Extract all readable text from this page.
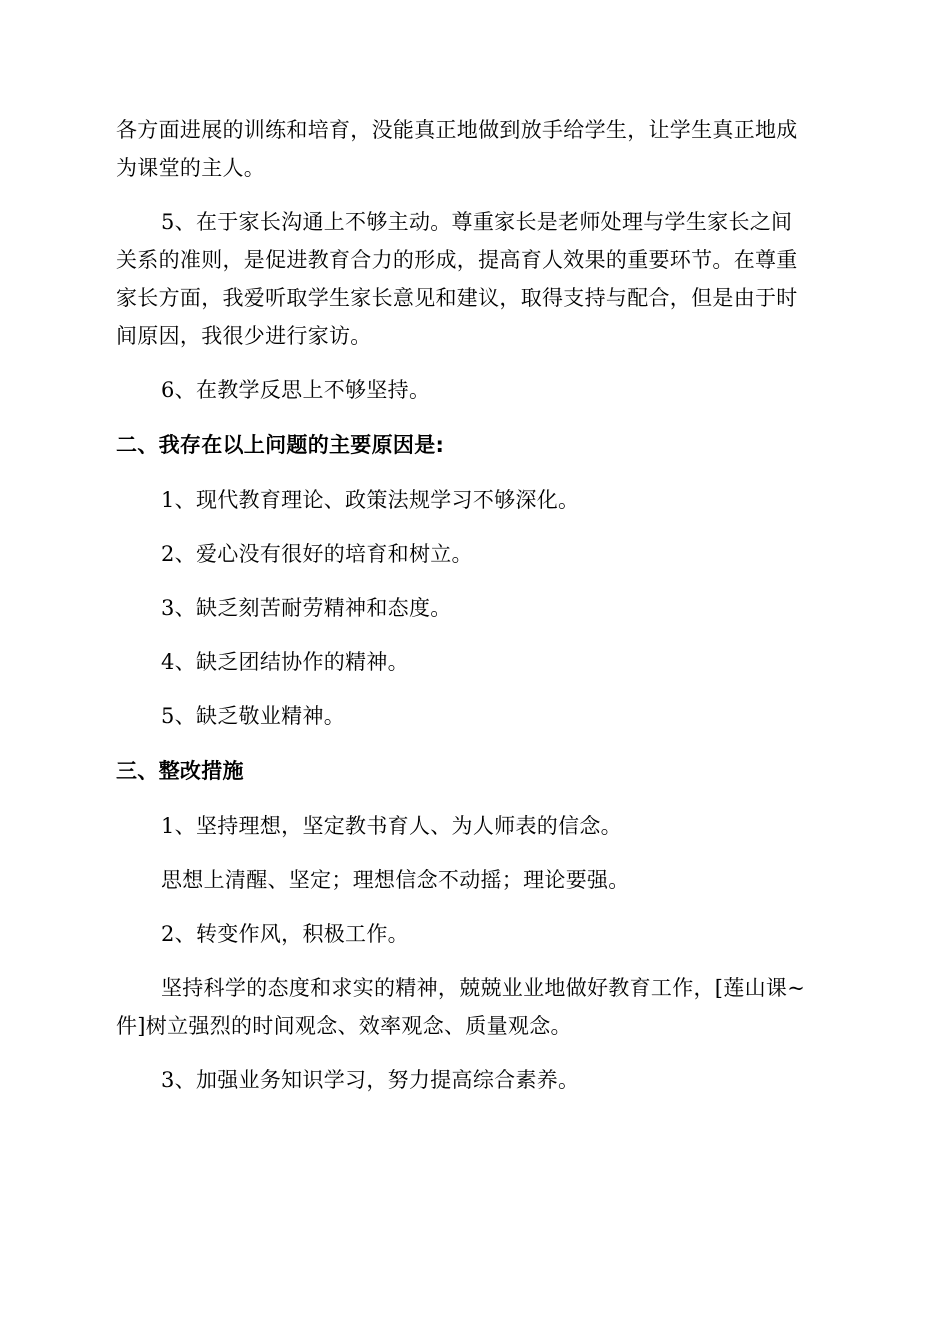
各方面进展的训练和培育，没能真正地做到放手给学生，让学生真正地成
为课堂的主人。
5、在于家长沟通上不够主动。尊重家长是老师处理与学生家长之间
关系的准则，是促进教育合力的形成，提高育人效果的重要环节。在尊重
家长方面，我爱听取学生家长意见和建议，取得支持与配合，但是由于时
间原因，我很少进行家访。
6、在教学反思上不够坚持。
二、我存在以上问题的主要原因是:
1、现代教育理论、政策法规学习不够深化。
2、爱心没有很好的培育和树立。
3、缺乏刻苦耐劳精神和态度。
4、缺乏团结协作的精神。
5、缺乏敬业精神。
三、整改措施
1、坚持理想，坚定教书育人、为人师表的信念。
思想上清醒、坚定；理想信念不动摇；理论要强。
2、转变作风，积极工作。
坚持科学的态度和求实的精神，兢兢业业地做好教育工作，[莲山课~
件]树立强烈的时间观念、效率观念、质量观念。
3、加强业务知识学习，努力提高综合素养。
